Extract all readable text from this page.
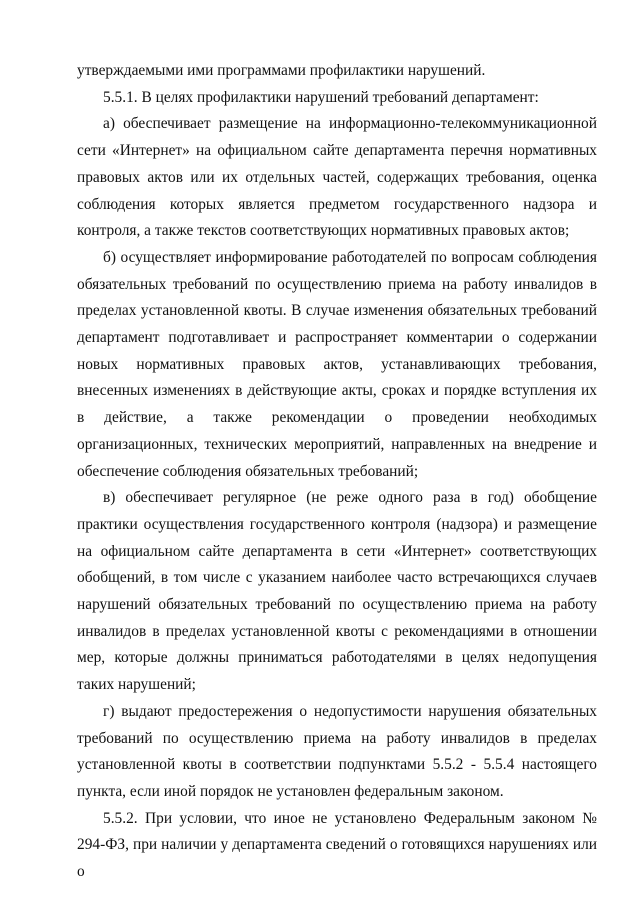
утверждаемыми ими программами профилактики нарушений.

5.5.1. В целях профилактики нарушений требований департамент:

а) обеспечивает размещение на информационно-телекоммуникационной сети «Интернет» на официальном сайте департамента перечня нормативных правовых актов или их отдельных частей, содержащих требования, оценка соблюдения которых является предметом государственного надзора и контроля, а также текстов соответствующих нормативных правовых актов;

б) осуществляет информирование работодателей по вопросам соблюдения обязательных требований по осуществлению приема на работу инвалидов в пределах установленной квоты. В случае изменения обязательных требований департамент подготавливает и распространяет комментарии о содержании новых нормативных правовых актов, устанавливающих требования, внесенных изменениях в действующие акты, сроках и порядке вступления их в действие, а также рекомендации о проведении необходимых организационных, технических мероприятий, направленных на внедрение и обеспечение соблюдения обязательных требований;

в) обеспечивает регулярное (не реже одного раза в год) обобщение практики осуществления государственного контроля (надзора) и размещение на официальном сайте департамента в сети «Интернет» соответствующих обобщений, в том числе с указанием наиболее часто встречающихся случаев нарушений обязательных требований по осуществлению приема на работу инвалидов в пределах установленной квоты с рекомендациями в отношении мер, которые должны приниматься работодателями в целях недопущения таких нарушений;

г) выдают предостережения о недопустимости нарушения обязательных требований по осуществлению приема на работу инвалидов в пределах установленной квоты в соответствии подпунктами 5.5.2 - 5.5.4 настоящего пункта, если иной порядок не установлен федеральным законом.

5.5.2. При условии, что иное не установлено Федеральным законом № 294-ФЗ, при наличии у департамента сведений о готовящихся нарушениях или о
